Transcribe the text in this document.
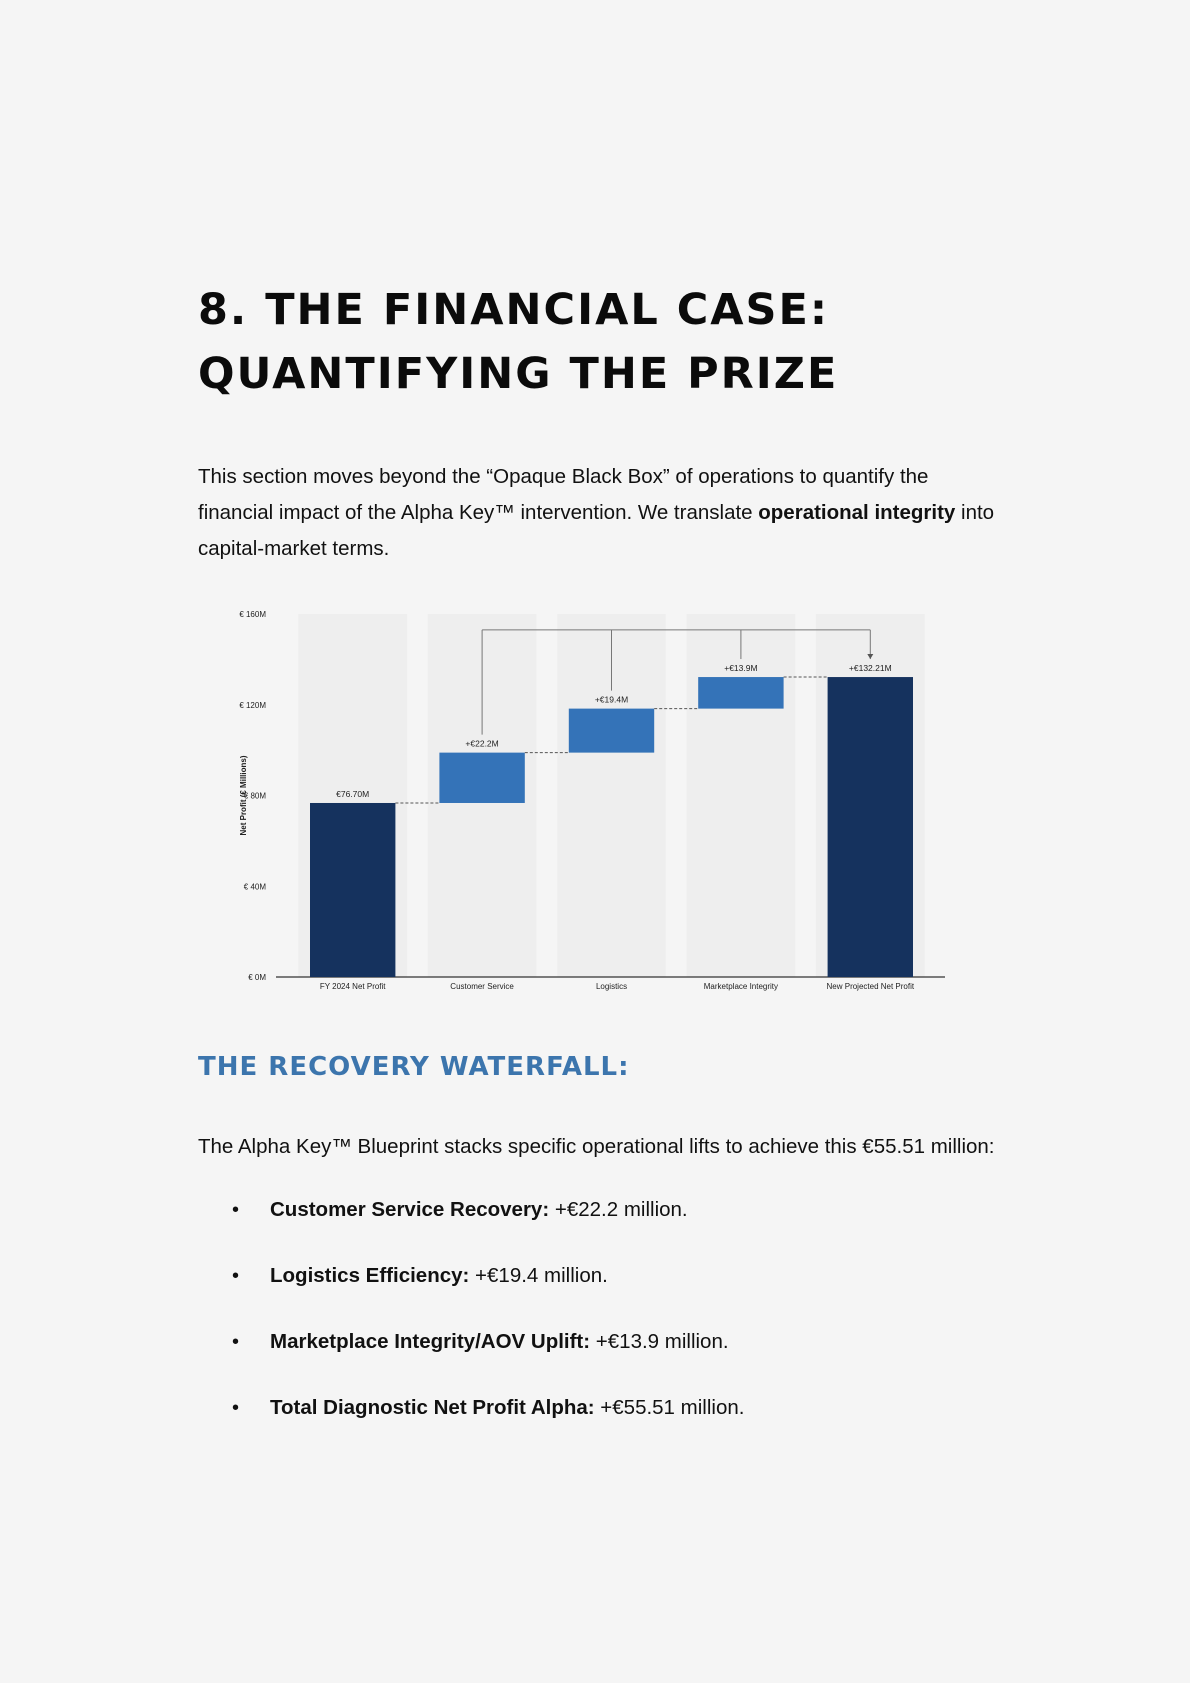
8. THE FINANCIAL CASE:
QUANTIFYING THE PRIZE

This section moves beyond the “Opaque Black Box” of operations to quantify the financial impact of the Alpha Key™ intervention. We translate operational integrity into capital-market terms.

€ 0M
€ 40M
€ 80M
€ 120M
€ 160M
Net Profit (€ Millions)	€76.70M
+€22.2M
+€19.4M
+€13.9M	+€132.21M
FY 2024 Net Profit	Customer Service	Logistics	Marketplace Integrity	New Projected Net Profit
THE RECOVERY WATERFALL:

The Alpha Key™ Blueprint stacks specific operational lifts to achieve this €55.51 million:

• Customer Service Recovery: +€22.2 million.
• Logistics Efficiency: +€19.4 million.
• Marketplace Integrity/AOV Uplift: +€13.9 million.
• Total Diagnostic Net Profit Alpha: +€55.51 million.
